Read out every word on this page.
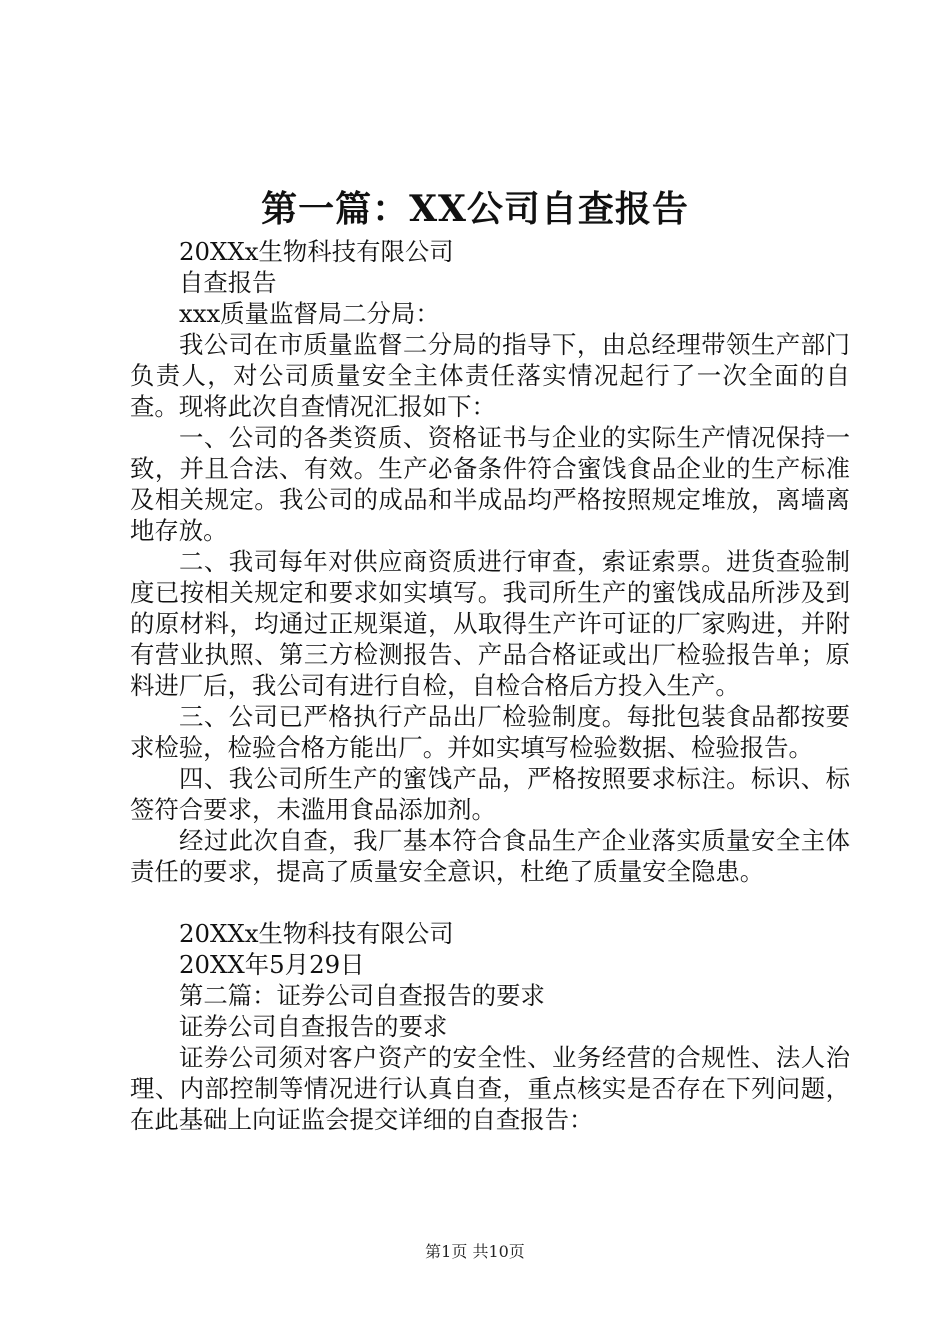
第一篇：XX公司自查报告
20XXx生物科技有限公司
自查报告
xxx质量监督局二分局：
我公司在市质量监督二分局的指导下，由总经理带领生产部门负责人，对公司质量安全主体责任落实情况起行了一次全面的自查。现将此次自查情况汇报如下：
一、公司的各类资质、资格证书与企业的实际生产情况保持一致，并且合法、有效。生产必备条件符合蜜饯食品企业的生产标准及相关规定。我公司的成品和半成品均严格按照规定堆放，离墙离地存放。
二、我司每年对供应商资质进行审查，索证索票。进货查验制度已按相关规定和要求如实填写。我司所生产的蜜饯成品所涉及到的原材料，均通过正规渠道，从取得生产许可证的厂家购进，并附有营业执照、第三方检测报告、产品合格证或出厂检验报告单；原料进厂后，我公司有进行自检，自检合格后方投入生产。
三、公司已严格执行产品出厂检验制度。每批包装食品都按要求检验，检验合格方能出厂。并如实填写检验数据、检验报告。
四、我公司所生产的蜜饯产品，严格按照要求标注。标识、标签符合要求，未滥用食品添加剂。
经过此次自查，我厂基本符合食品生产企业落实质量安全主体责任的要求，提高了质量安全意识，杜绝了质量安全隐患。
20XXx生物科技有限公司
20XX年5月29日
第二篇：证券公司自查报告的要求
证券公司自查报告的要求
证券公司须对客户资产的安全性、业务经营的合规性、法人治理、内部控制等情况进行认真自查，重点核实是否存在下列问题，在此基础上向证监会提交详细的自查报告：
第1页 共10页
